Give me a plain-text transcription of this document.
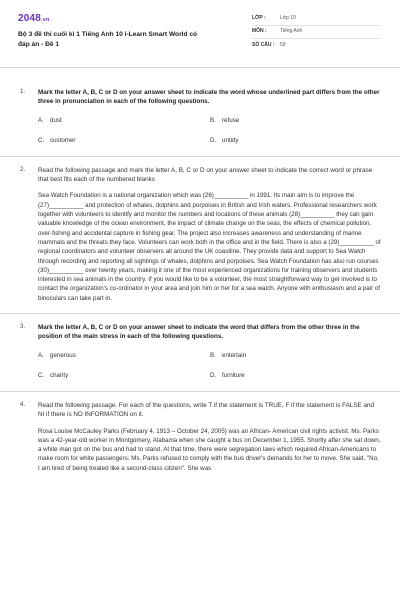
2048.vn
Bộ 3 đề thi cuối kì 1 Tiếng Anh 10 i-Learn Smart World có đáp án - Đề 1
LỚP :	Lớp 10
MÔN :	Tiếng Anh
SỐ CÂU :	59
1. Mark the letter A, B, C or D on your answer sheet to indicate the word whose underlined part differs from the other three in pronunciation in each of the following questions.
A. dust	B. refuse
C. customer	D. untidy
2. Read the following passage and mark the letter A, B, C or D on your answer sheet to indicate the correct word or phrase that best fits each of the numbered blanks

Sea Watch Foundation is a national organization which was (26)__________ in 1991. Its main aim is to improve the (27)__________ and protection of whales, dolphins and porpoises in British and Irish waters. Professional researchers work together with volunteers to identify and monitor the numbers and locations of these animals (28)__________ they can gain valuable knowledge of the ocean environment, the impact of climate change on the seas, the effects of chemical pollution, over-fishing and accidental capture in fishing gear. The project also increases awareness and understanding of marine mammals and the threats they face. Volunteers can work both in the office and in the field. There is also a (29)__________ of regional coordinators and volunteer observers all around the UK coastline. They provide data and support to Sea Watch through recording and reporting all sightings of whales, dolphins and porpoises. Sea Watch Foundation has also run courses (30)__________ over twenty years, making it one of the most experienced organizations for training observers and students interested in sea animals in the country. If you would like to be a volunteer, the most straightforward way to get involved is to contact the organization's co-ordinator in your area and join him or her for a sea watch. Anyone with enthusiasm and a pair of binoculars can take part in.

3. Mark the letter A, B, C or D on your answer sheet to indicate the word that differs from the other three in the position of the main stress in each of the following questions.
A. generous	B. entertain
C. charity	D. furniture
4. Read the following passage. For each of the questions, write T if the statement is TRUE, F if the statement is FALSE and NI if there is NO INFORMATION on it.

Rosa Louise McCauley Parks (February 4, 1913 – October 24, 2005) was an African- American civil rights activist. Ms. Parks was a 42-year-old worker in Montgomery, Alabama when she caught a bus on December 1, 1955. Shortly after she sat down, a white man got on the bus and had to stand. At that time, there were segregation laws which required African-Americans to make room for white passengers. Ms. Parks refused to comply with the bus driver's demands for her to move. She said, "No, I am tired of being treated like a second-class citizen". She was
